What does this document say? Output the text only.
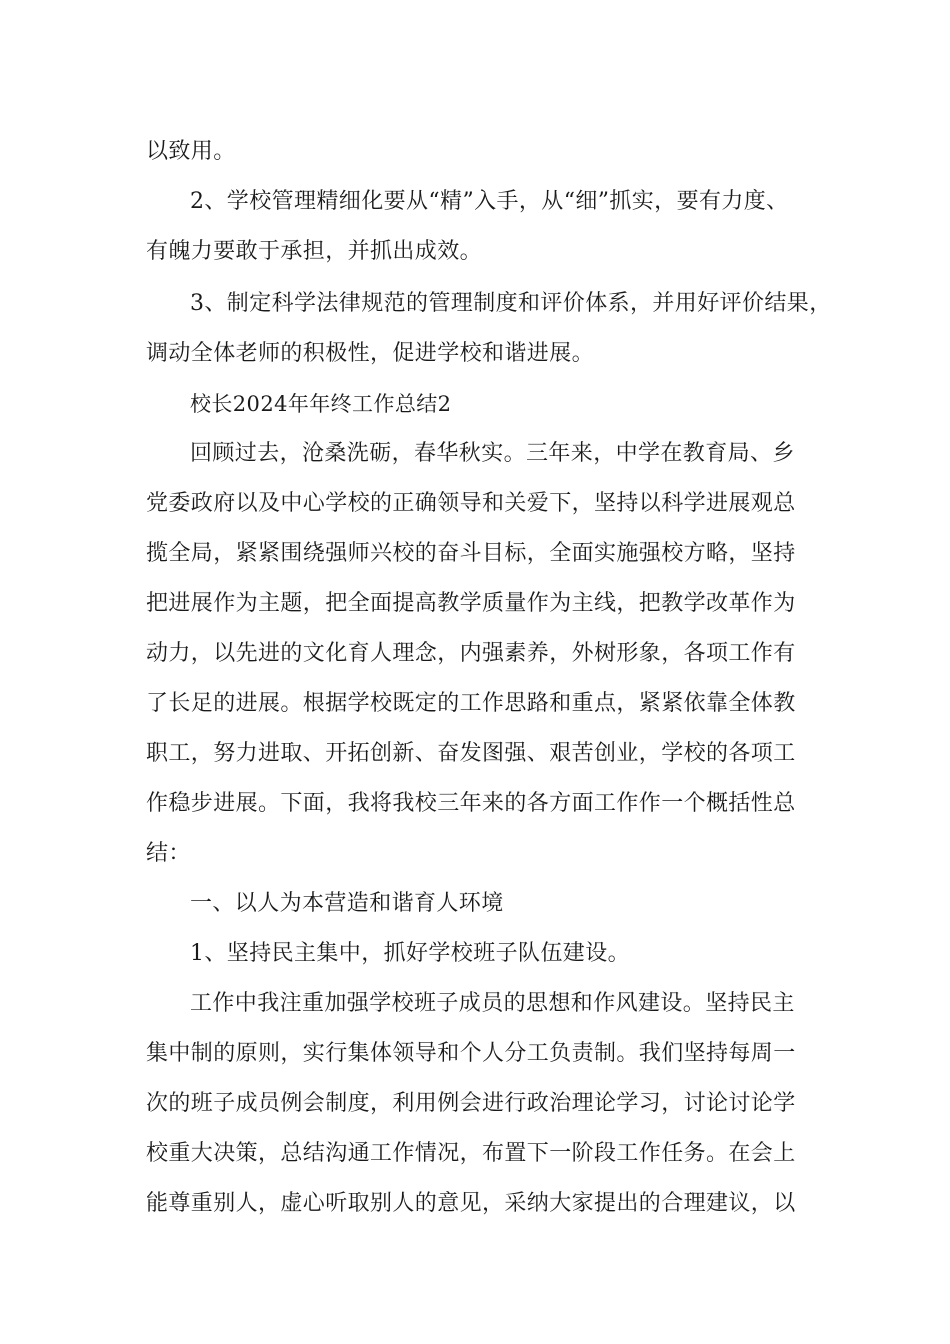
以致用。
2、学校管理精细化要从“精”入手，从“细”抓实，要有力度、
有魄力要敢于承担，并抓出成效。
3、制定科学法律规范的管理制度和评价体系，并用好评价结果，
调动全体老师的积极性，促进学校和谐进展。
校长2024年年终工作总结2
回顾过去，沧桑洗砺，春华秋实。三年来，中学在教育局、乡
党委政府以及中心学校的正确领导和关爱下，坚持以科学进展观总
揽全局，紧紧围绕强师兴校的奋斗目标，全面实施强校方略，坚持
把进展作为主题，把全面提高教学质量作为主线，把教学改革作为
动力，以先进的文化育人理念，内强素养，外树形象，各项工作有
了长足的进展。根据学校既定的工作思路和重点，紧紧依靠全体教
职工，努力进取、开拓创新、奋发图强、艰苦创业，学校的各项工
作稳步进展。下面，我将我校三年来的各方面工作作一个概括性总
结：
一、以人为本营造和谐育人环境
1、坚持民主集中，抓好学校班子队伍建设。
工作中我注重加强学校班子成员的思想和作风建设。坚持民主
集中制的原则，实行集体领导和个人分工负责制。我们坚持每周一
次的班子成员例会制度，利用例会进行政治理论学习，讨论讨论学
校重大决策，总结沟通工作情况，布置下一阶段工作任务。在会上
能尊重别人，虚心听取别人的意见，采纳大家提出的合理建议，以
